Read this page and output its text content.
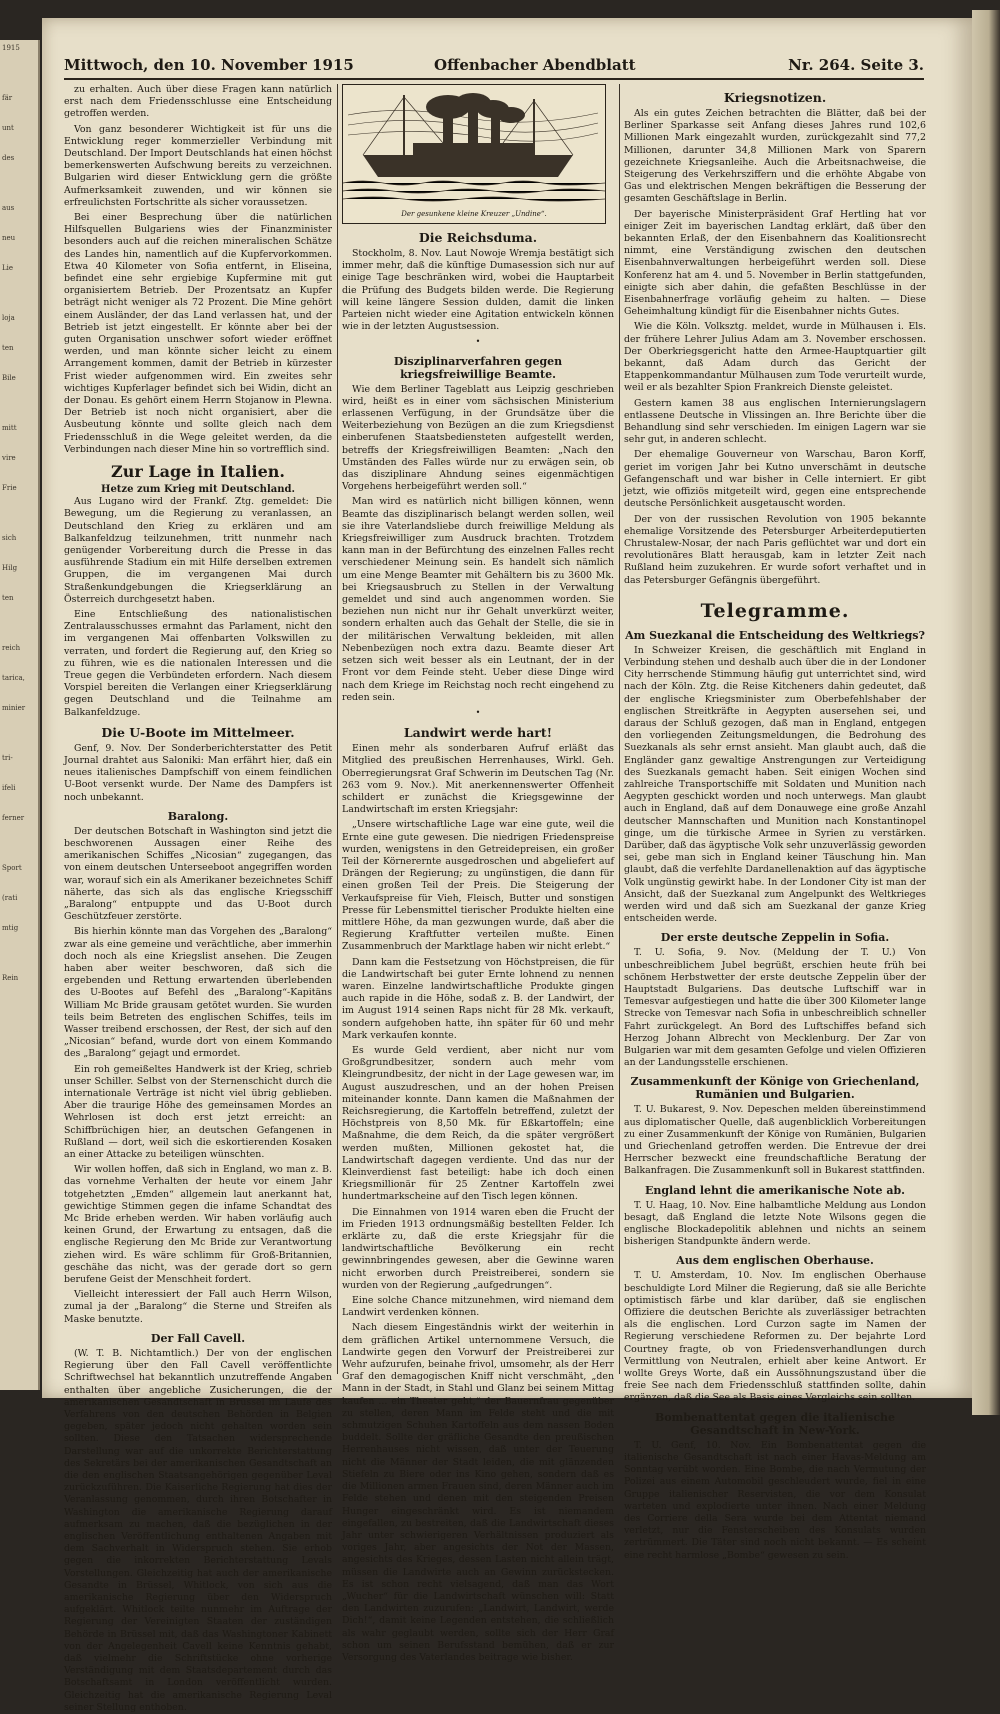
1915
fär
unt
des
aus
neu
Lie
loja
ten
Bile
mitt
vire
Frie
sich
Hilg
ten
reich
tarica,
minier
tri-
ifeli
ferner
Sport
(rati
mtig
Rein
Mittwoch, den 10. November 1915	Offenbacher Abendblatt	Nr. 264. Seite 3.

zu erhalten. Auch über diese Fragen kann natürlich erst nach dem Friedensschlusse eine Entscheidung getroffen werden.

Von ganz besonderer Wichtigkeit ist für uns die Entwicklung reger kommerzieller Verbindung mit Deutschland. Der Import Deutschlands hat einen höchst bemerkenswerten Aufschwung bereits zu verzeichnen. Bulgarien wird dieser Entwicklung gern die größte Aufmerksamkeit zuwenden, und wir können sie erfreulichsten Fortschritte als sicher voraussetzen.

Bei einer Besprechung über die natürlichen Hilfsquellen Bulgariens wies der Finanzminister besonders auch auf die reichen mineralischen Schätze des Landes hin, namentlich auf die Kupfervorkommen. Etwa 40 Kilometer von Sofia entfernt, in Eliseina, befindet eine sehr ergiebige Kupfermine mit gut organisiertem Betrieb. Der Prozentsatz an Kupfer beträgt nicht weniger als 72 Prozent. Die Mine gehört einem Ausländer, der das Land verlassen hat, und der Betrieb ist jetzt eingestellt. Er könnte aber bei der guten Organisation unschwer sofort wieder eröffnet werden, und man könnte sicher leicht zu einem Arrangement kommen, damit der Betrieb in kürzester Frist wieder aufgenommen wird. Ein zweites sehr wichtiges Kupferlager befindet sich bei Widin, dicht an der Donau. Es gehört einem Herrn Stojanow in Plewna. Der Betrieb ist noch nicht organisiert, aber die Ausbeutung könnte und sollte gleich nach dem Friedensschluß in die Wege geleitet werden, da die Verbindungen nach dieser Mine hin so vortrefflich sind.

Zur Lage in Italien.
Hetze zum Krieg mit Deutschland.

Aus Lugano wird der Frankf. Ztg. gemeldet: Die Bewegung, um die Regierung zu veranlassen, an Deutschland den Krieg zu erklären und am Balkanfeldzug teilzunehmen, tritt nunmehr nach genügender Vorbereitung durch die Presse in das ausführende Stadium ein mit Hilfe derselben extremen Gruppen, die im vergangenen Mai durch Straßenkundgebungen die Kriegserklärung an Österreich durchgesetzt haben.

Eine Entschließung des nationalistischen Zentralausschusses ermahnt das Parlament, nicht den im vergangenen Mai offenbarten Volkswillen zu verraten, und fordert die Regierung auf, den Krieg so zu führen, wie es die nationalen Interessen und die Treue gegen die Verbündeten erfordern. Nach diesem Vorspiel bereiten die Verlangen einer Kriegserklärung gegen Deutschland und die Teilnahme am Balkanfeldzuge.

Die U-Boote im Mittelmeer.

Genf, 9. Nov. Der Sonderberichterstatter des Petit Journal drahtet aus Saloniki: Man erfährt hier, daß ein neues italienisches Dampfschiff von einem feindlichen U-Boot versenkt wurde. Der Name des Dampfers ist noch unbekannt.

Baralong.

Der deutschen Botschaft in Washington sind jetzt die beschworenen Aussagen einer Reihe des amerikanischen Schiffes „Nicosian“ zugegangen, das von einem deutschen Unterseeboot angegriffen worden war, worauf sich ein als Amerikaner bezeichnetes Schiff näherte, das sich als das englische Kriegsschiff „Baralong“ entpuppte und das U-Boot durch Geschützfeuer zerstörte.

Bis hierhin könnte man das Vorgehen des „Baralong“ zwar als eine gemeine und verächtliche, aber immerhin doch noch als eine Kriegslist ansehen. Die Zeugen haben aber weiter beschworen, daß sich die ergebenden und Rettung erwartenden überlebenden des U-Bootes auf Befehl des „Baralong“-Kapitäns William Mc Bride grausam getötet wurden. Sie wurden teils beim Betreten des englischen Schiffes, teils im Wasser treibend erschossen, der Rest, der sich auf den „Nicosian“ befand, wurde dort von einem Kommando des „Baralong“ gejagt und ermordet.

Ein roh gemeißeltes Handwerk ist der Krieg, schrieb unser Schiller. Selbst von der Sternenschicht durch die internationale Verträge ist nicht viel übrig geblieben. Aber die traurige Höhe des gemeinsamen Mordes an Wehrlosen ist doch erst jetzt erreicht: an Schiffbrüchigen hier, an deutschen Gefangenen in Rußland — dort, weil sich die eskortierenden Kosaken an einer Attacke zu beteiligen wünschten.

Wir wollen hoffen, daß sich in England, wo man z. B. das vornehme Verhalten der heute vor einem Jahr totgehetzten „Emden“ allgemein laut anerkannt hat, gewichtige Stimmen gegen die infame Schandtat des Mc Bride erheben werden. Wir haben vorläufig auch keinen Grund, der Erwartung zu entsagen, daß die englische Regierung den Mc Bride zur Verantwortung ziehen wird. Es wäre schlimm für Groß-Britannien, geschähe das nicht, was der gerade dort so gern berufene Geist der Menschheit fordert.

Vielleicht interessiert der Fall auch Herrn Wilson, zumal ja der „Baralong“ die Sterne und Streifen als Maske benutzte.

Der Fall Cavell.

(W. T. B. Nichtamtlich.) Der von der englischen Regierung über den Fall Cavell veröffentlichte Schriftwechsel hat bekanntlich unzutreffende Angaben enthalten über angebliche Zusicherungen, die der amerikanischen Gesandtschaft in Brüssel im Laufe des Verfahrens von den deutschen Behörden in Belgien gegeben, später jedoch nicht gehalten worden sein sollten. Diese den Tatsachen widersprechende Darstellung war auf die unkorrekte Berichterstattung des Sekretärs bei der amerikanischen Gesandtschaft an die den englischen Staatsangehörigen gegenüber Leval zurückzuführen. Die Kaiserliche Regierung hat dies der Veranlassung genommen, durch ihren Botschafter in Washington die amerikanische Regierung darauf aufmerksam zu machen, daß die bezüglichen in der englischen Veröffentlichung enthaltenen Angaben mit dem Sachverhalt in Widerspruch stehen. Sie erhob gegen die inkorrekten Berichterstattung Levals Vorstellungen. Gleichzeitig hat auch der amerikanische Gesandte in Brüssel, Whitlock, von sich aus die amerikanische Regierung über den Widerspruch aufgeklärt. Whitlock teilte nunmehr im Auftrage der Regierung der Vereinigten Staaten der zuständigen Behörde in Brüssel mit, daß das Washingtoner Kabinett von der Angelegenheit Cavell keine Kenntnis gehabt, daß vielmehr die Schriftstücke ohne vorherige Verständigung mit dem Staatsdepartement durch das Botschaftsamt in London veröffentlicht wurden. Gleichzeitig hat die amerikanische Regierung Leval seiner Stellung enthoben.

Der gesunkene kleine Kreuzer „Undine“.
Die Reichsduma.

Stockholm, 8. Nov. Laut Nowoje Wremja bestätigt sich immer mehr, daß die künftige Dumasession sich nur auf einige Tage beschränken wird, wobei die Hauptarbeit die Prüfung des Budgets bilden werde. Die Regierung will keine längere Session dulden, damit die linken Parteien nicht wieder eine Agitation entwickeln können wie in der letzten Augustsession.

•
Disziplinarverfahren gegen kriegsfreiwillige Beamte.

Wie dem Berliner Tageblatt aus Leipzig geschrieben wird, heißt es in einer vom sächsischen Ministerium erlassenen Verfügung, in der Grundsätze über die Weiterbeziehung von Bezügen an die zum Kriegsdienst einberufenen Staatsbediensteten aufgestellt werden, betreffs der Kriegsfreiwilligen Beamten: „Nach den Umständen des Falles würde nur zu erwägen sein, ob das disziplinare Ahndung seines eigenmächtigen Vorgehens herbeigeführt werden soll.“

Man wird es natürlich nicht billigen können, wenn Beamte das disziplinarisch belangt werden sollen, weil sie ihre Vaterlandsliebe durch freiwillige Meldung als Kriegsfreiwilliger zum Ausdruck brachten. Trotzdem kann man in der Befürchtung des einzelnen Falles recht verschiedener Meinung sein. Es handelt sich nämlich um eine Menge Beamter mit Gehältern bis zu 3600 Mk. bei Kriegsausbruch zu Stellen in der Verwaltung gemeldet und sind auch angenommen worden. Sie beziehen nun nicht nur ihr Gehalt unverkürzt weiter, sondern erhalten auch das Gehalt der Stelle, die sie in der militärischen Verwaltung bekleiden, mit allen Nebenbezügen noch extra dazu. Beamte dieser Art setzen sich weit besser als ein Leutnant, der in der Front vor dem Feinde steht. Ueber diese Dinge wird nach dem Kriege im Reichstag noch recht eingehend zu reden sein.

•
Landwirt werde hart!

Einen mehr als sonderbaren Aufruf erläßt das Mitglied des preußischen Herrenhauses, Wirkl. Geh. Oberregierungsrat Graf Schwerin im Deutschen Tag (Nr. 263 vom 9. Nov.). Mit anerkennenswerter Offenheit schildert er zunächst die Kriegsgewinne der Landwirtschaft im ersten Kriegsjahr:

„Unsere wirtschaftliche Lage war eine gute, weil die Ernte eine gute gewesen. Die niedrigen Friedenspreise wurden, wenigstens in den Getreidepreisen, ein großer Teil der Körnerernte ausgedroschen und abgeliefert auf Drängen der Regierung; zu ungünstigen, die dann für einen großen Teil der Preis. Die Steigerung der Verkaufspreise für Vieh, Fleisch, Butter und sonstigen Presse für Lebensmittel tierischer Produkte hielten eine mittlere Höhe, da man gezwungen wurde, daß aber die Regierung Kraftfutter verteilen mußte. Einen Zusammenbruch der Marktlage haben wir nicht erlebt.“

Dann kam die Festsetzung von Höchstpreisen, die für die Landwirtschaft bei guter Ernte lohnend zu nennen waren. Einzelne landwirtschaftliche Produkte gingen auch rapide in die Höhe, sodaß z. B. der Landwirt, der im August 1914 seinen Raps nicht für 28 Mk. verkauft, sondern aufgehoben hatte, ihn später für 60 und mehr Mark verkaufen konnte.

Es wurde Geld verdient, aber nicht nur vom Großgrundbesitzer, sondern auch mehr vom Kleingrundbesitz, der nicht in der Lage gewesen war, im August auszudreschen, und an der hohen Preisen miteinander konnte. Dann kamen die Maßnahmen der Reichsregierung, die Kartoffeln betreffend, zuletzt der Höchstpreis von 8,50 Mk. für Eßkartoffeln; eine Maßnahme, die dem Reich, da die später vergrößert werden mußten, Millionen gekostet hat, die Landwirtschaft dagegen verdiente. Und das nur der Kleinverdienst fast beteiligt: habe ich doch einen Kriegsmillionär für 25 Zentner Kartoffeln zwei hundertmarkscheine auf den Tisch legen können.

Die Einnahmen von 1914 waren eben die Frucht der im Frieden 1913 ordnungsmäßig bestellten Felder. Ich erklärte zu, daß die erste Kriegsjahr für die landwirtschaftliche Bevölkerung ein recht gewinnbringendes gewesen, aber die Gewinne waren nicht erworben durch Preistreiberei, sondern sie wurden von der Regierung „aufgedrungen“.

Eine solche Chance mitzunehmen, wird niemand dem Landwirt verdenken können.

Nach diesem Eingeständnis wirkt der weiterhin in dem gräflichen Artikel unternommene Versuch, die Landwirte gegen den Vorwurf der Preistreiberei zur Wehr aufzurufen, beinahe frivol, umsomehr, als der Herr Graf den demagogischen Kniff nicht verschmäht, „den Mann in der Stadt, in Stahl und Glanz bei seinem Mittag kaufen ... ein Theater geht,“ der Bauernfrau gegenüber zu stellen, deren Mann im Felde steht und die mit schmutzigen Schuhen Kartoffeln aus dem nassen Boden buddelt. Sollte der gräfliche Gesandte den preußischen Herrenhauses nicht wissen, daß unter der Teuerung nicht die Männer der Stadt leiden, die mit glänzenden Stiefeln zu Biere oder ins Kino gehen, sondern daß es die Millionen armen Frauen sind, deren Männer auch im Felde stehen und denen mit den steigenden Preisen Hunger eingeschränkt wird. Es ist niemandem eingefallen, zu bestreiten, daß die Landwirtschaft dieses Jahr unter schwierigeren Verhältnissen produziert als voriges Jahr, aber angesichts der Not der Massen, angesichts des Krieges, dessen Lasten nicht allein trägt, müssen die Landwirte auch an Gewinn zurückstecken. Es ist schon recht vielsagend, daß man das Wort „Wucher“ für die Landwirtschaft wünschen will: Statt den Landwirten zuzurufen: „Landwirt, Landwirt, werde Dich!“, damit keine Legenden entstehen, die schließlich als wahr geglaubt werden, sollte sich der Herr Graf schon um seinen Berufsstand bemühen, daß er zur Versorgung des Vaterlandes beitrage wie bisher.

Kriegsnotizen.

Als ein gutes Zeichen betrachten die Blätter, daß bei der Berliner Sparkasse seit Anfang dieses Jahres rund 102,6 Millionen Mark eingezahlt wurden, zurückgezahlt sind 77,2 Millionen, darunter 34,8 Millionen Mark von Sparern gezeichnete Kriegsanleihe. Auch die Arbeitsnachweise, die Steigerung des Verkehrsziffern und die erhöhte Abgabe von Gas und elektrischen Mengen bekräftigen die Besserung der gesamten Geschäftslage in Berlin.

Der bayerische Ministerpräsident Graf Hertling hat vor einiger Zeit im bayerischen Landtag erklärt, daß über den bekannten Erlaß, der den Eisenbahnern das Koalitionsrecht nimmt, eine Verständigung zwischen den deutschen Eisenbahnverwaltungen herbeigeführt werden soll. Diese Konferenz hat am 4. und 5. November in Berlin stattgefunden, einigte sich aber dahin, die gefaßten Beschlüsse in der Eisenbahnerfrage vorläufig geheim zu halten. — Diese Geheimhaltung kündigt für die Eisenbahner nichts Gutes.

Wie die Köln. Volksztg. meldet, wurde in Mülhausen i. Els. der frühere Lehrer Julius Adam am 3. November erschossen. Der Oberkriegsgericht hatte den Armee-Hauptquartier gilt bekannt, daß Adam durch das Gericht der Etappenkommandantur Mülhausen zum Tode verurteilt wurde, weil er als bezahlter Spion Frankreich Dienste geleistet.

Gestern kamen 38 aus englischen Internierungslagern entlassene Deutsche in Vlissingen an. Ihre Berichte über die Behandlung sind sehr verschieden. Im einigen Lagern war sie sehr gut, in anderen schlecht.

Der ehemalige Gouverneur von Warschau, Baron Korff, geriet im vorigen Jahr bei Kutno unverschämt in deutsche Gefangenschaft und war bisher in Celle interniert. Er gibt jetzt, wie offiziös mitgeteilt wird, gegen eine entsprechende deutsche Persönlichkeit ausgetauscht worden.

Der von der russischen Revolution von 1905 bekannte ehemalige Vorsitzende des Petersburger Arbeiterdeputierten Chrustalew-Nosar, der nach Paris geflüchtet war und dort ein revolutionäres Blatt herausgab, kam in letzter Zeit nach Rußland heim zuzukehren. Er wurde sofort verhaftet und in das Petersburger Gefängnis übergeführt.

Telegramme.
Am Suezkanal die Entscheidung des Weltkriegs?

In Schweizer Kreisen, die geschäftlich mit England in Verbindung stehen und deshalb auch über die in der Londoner City herrschende Stimmung häufig gut unterrichtet sind, wird nach der Köln. Ztg. die Reise Kitcheners dahin gedeutet, daß der englische Kriegsminister zum Oberbefehlshaber der englischen Streitkräfte in Aegypten ausersehen sei, und daraus der Schluß gezogen, daß man in England, entgegen den vorliegenden Zeitungsmeldungen, die Bedrohung des Suezkanals als sehr ernst ansieht. Man glaubt auch, daß die Engländer ganz gewaltige Anstrengungen zur Verteidigung des Suezkanals gemacht haben. Seit einigen Wochen sind zahlreiche Transportschiffe mit Soldaten und Munition nach Aegypten geschickt worden und noch unterwegs. Man glaubt auch in England, daß auf dem Donauwege eine große Anzahl deutscher Mannschaften und Munition nach Konstantinopel ginge, um die türkische Armee in Syrien zu verstärken. Darüber, daß das ägyptische Volk sehr unzuverlässig geworden sei, gebe man sich in England keiner Täuschung hin. Man glaubt, daß die verfehlte Dardanellenaktion auf das ägyptische Volk ungünstig gewirkt habe. In der Londoner City ist man der Ansicht, daß der Suezkanal zum Angelpunkt des Weltkrieges werden wird und daß sich am Suezkanal der ganze Krieg entscheiden werde.

Der erste deutsche Zeppelin in Sofia.

T. U. Sofia, 9. Nov. (Meldung der T. U.) Von unbeschreiblichem Jubel begrüßt, erschien heute früh bei schönem Herbstwetter der erste deutsche Zeppelin über der Hauptstadt Bulgariens. Das deutsche Luftschiff war in Temesvar aufgestiegen und hatte die über 300 Kilometer lange Strecke von Temesvar nach Sofia in unbeschreiblich schneller Fahrt zurückgelegt. An Bord des Luftschiffes befand sich Herzog Johann Albrecht von Mecklenburg. Der Zar von Bulgarien war mit dem gesamten Gefolge und vielen Offizieren an der Landungsstelle erschienen.

Zusammenkunft der Könige von Griechenland, Rumänien und Bulgarien.

T. U. Bukarest, 9. Nov. Depeschen melden übereinstimmend aus diplomatischer Quelle, daß augenblicklich Vorbereitungen zu einer Zusammenkunft der Könige von Rumänien, Bulgarien und Griechenland getroffen werden. Die Entrevue der drei Herrscher bezweckt eine freundschaftliche Beratung der Balkanfragen. Die Zusammenkunft soll in Bukarest stattfinden.

England lehnt die amerikanische Note ab.

T. U. Haag, 10. Nov. Eine halbamtliche Meldung aus London besagt, daß England die letzte Note Wilsons gegen die englische Blockadepolitik ablehnen und nichts an seinem bisherigen Standpunkte ändern werde.

Aus dem englischen Oberhause.

T. U. Amsterdam, 10. Nov. Im englischen Oberhause beschuldigte Lord Milner die Regierung, daß sie alle Berichte optimistisch färbe und klar darüber, daß sie englischen Offiziere die deutschen Berichte als zuverlässiger betrachten als die englischen. Lord Curzon sagte im Namen der Regierung verschiedene Reformen zu. Der bejahrte Lord Courtney fragte, ob von Friedensverhandlungen durch Vermittlung von Neutralen, erhielt aber keine Antwort. Er wollte Greys Worte, daß ein Aussöhnungszustand über die freie See nach dem Friedensschluß stattfinden sollte, dahin ergänzen, daß die See als Basis eines Vergleichs sein sollten.

Bombenattentat gegen die italienische Gesandtschaft in New-York.

T. U. Genf, 10. Nov. Ein Bombenattentat gegen die italienische Gesandtschaft ist nach einer Havas-Meldung am Sonntag verübt worden. Eine Bombe, die nach Vermutung der Polizei aus einem Automobil geschleudert wurde, fiel in eine Gruppe italienischer Reservisten, die vor dem Konsulat warteten und explodierte unter ihnen. Nach einer Meldung des Corriere della Sera wurde bei dem Attentat niemand verletzt, nur die Fensterscheiben des Konsulats wurden zertrümmert. Die Täter sind noch nicht bekannt. — Es scheint eine recht harmlose „Bombe“ gewesen zu sein.
